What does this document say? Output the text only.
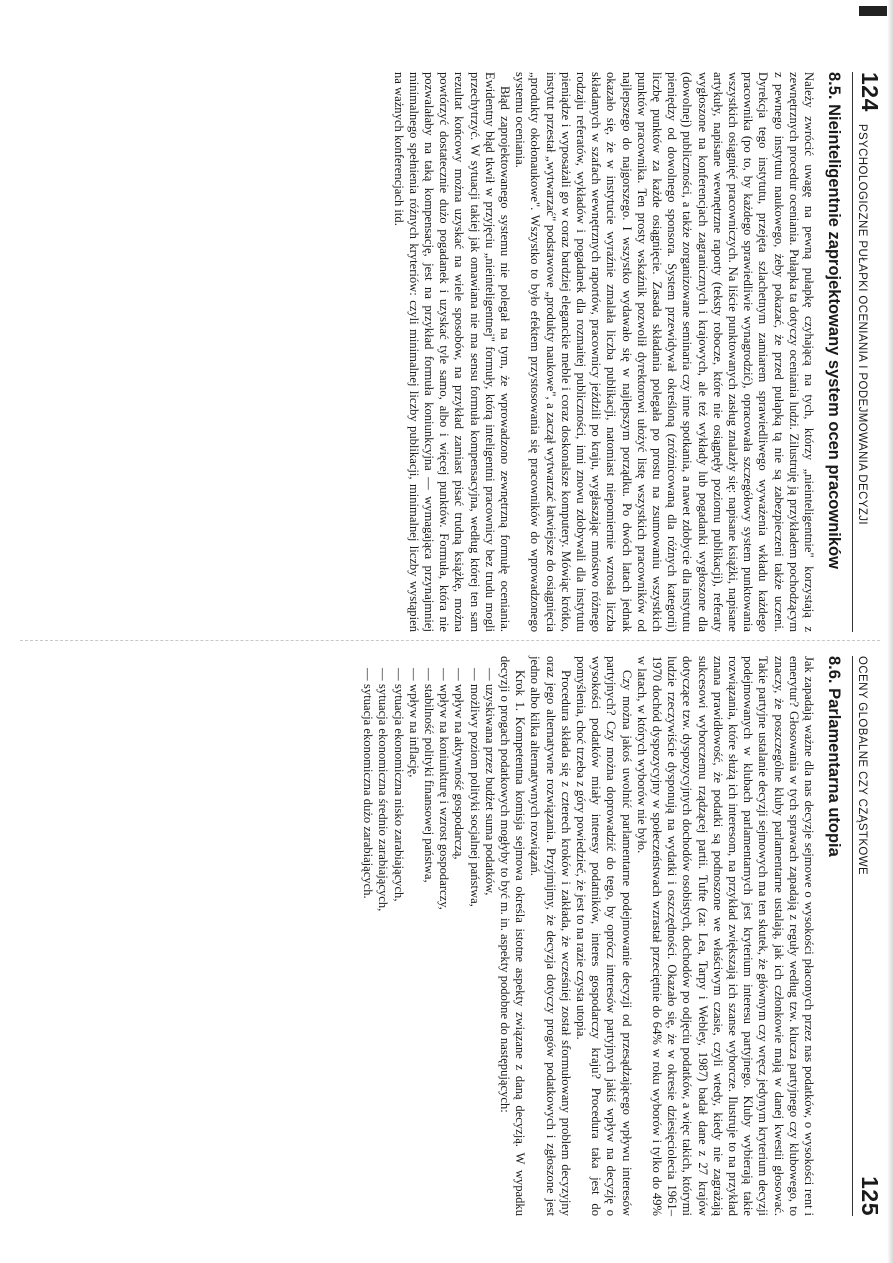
124
PSYCHOLOGICZNE PUŁAPKI OCENIANIA I PODEJMOWANIA DECYZJI
8.5. Nieinteligentnie zaprojektowany system ocen pracowników

Należy zwrócić uwagę na pewną pułapkę czyhającą na tych, którzy „nieinteligentnie" korzystają z zewnętrznych procedur oceniania. Pułapka ta dotyczy oceniania ludzi. Zilustruję ją przykładem pochodzącym z pewnego instytutu naukowego, żeby pokazać, że przed pułapką tą nie są zabezpieczeni także uczeni. Dyrekcja tego instytutu, przejęta szlachetnym zamiarem sprawiedliwego wyważenia wkładu każdego pracownika (po to, by każdego sprawiedliwie wynagrodzić), opracowała szczegółowy system punktowania wszystkich osiągnięć pracowniczych. Na liście punktowanych zasług znalazły się: napisane książki, napisane artykuły, napisane wewnętrzne raporty (teksty robocze, które nie osiągnęły poziomu publikacji), referaty wygłoszone na konferencjach zagranicznych i krajowych, ale też wykłady lub pogadanki wygłoszone dla (dowolnej) publiczności, a także zorganizowane seminaria czy inne spotkania, a nawet zdobycie dla instytutu pieniędzy od dowolnego sponsora. System przewidywał określoną (zróżnicowaną dla różnych kategorii) liczbę punktów za każde osiągnięcie. Zasada składania polegała po prostu na zsumowaniu wszystkich punktów pracownika. Ten prosty wskaźnik pozwolił dyrektorowi ułożyć listę wszystkich pracowników od najlepszego do najgorszego. I wszystko wydawało się w najlepszym porządku. Po dwóch latach jednak okazało się, że w instytucie wyraźnie zmalała liczba publikacji, natomiast niepomiernie wzrosła liczba składanych w szafach wewnętrznych raportów, pracownicy jeździli po kraju, wygłaszając mnóstwo różnego rodzaju referatów, wykładów i pogadanek dla rozmaitej publiczności, inni znowu zdobywali dla instytutu pieniądze i wyposażali go w coraz bardziej eleganckie meble i coraz doskonalsze komputery. Mówiąc krótko, instytut przestał „wytwarzać" podstawowe „produkty naukowe", a zaczął wytwarzać łatwiejsze do osiągnięcia „produkty okołonaukowe". Wszystko to było efektem przystosowania się pracowników do wprowadzonego systemu oceniania.

Błąd zaprojektowanego systemu nie polegał na tym, że wprowadzono zewnętrzną formułę oceniania. Ewidentny błąd tkwił w przyjęciu „nieinteligentnej" formuły, którą inteligentni pracownicy bez trudu mogli przechytrzyć. W sytuacji takiej jak omawiana nie ma sensu formuła kompensacyjna, według której ten sam rezultat końcowy można uzyskać na wiele sposobów, na przykład zamiast pisać trudną książkę, można powtórzyć dostatecznie dużo pogadanek i uzyskać tyle samo, albo i więcej punktów. Formuła, która nie pozwalałaby na taką kompensację, jest na przykład formuła koniunkcyjna — wymagająca przynajmniej minimalnego spełnienia różnych kryteriów: czyli minimalnej liczby publikacji, minimalnej liczby wystąpień na ważnych konferencjach itd.

OCENY GLOBALNE CZY CZĄSTKOWE
125
8.6. Parlamentarna utopia

Jak zapadają ważne dla nas decyzje sejmowe o wysokości płaconych przez nas podatków, o wysokości rent i emerytur? Głosowania w tych sprawach zapadają z reguły według tzw. klucza partyjnego czy klubowego, to znaczy, że poszczególne kluby parlamentarne ustalają, jak ich członkowie mają w danej kwestii głosować. Takie partyjne ustalanie decyzji sejmowych ma ten skutek, że głównym czy wręcz jedynym kryterium decyzji podejmowanych w klubach parlamentarnych jest kryterium interesu partyjnego. Kluby wybierają takie rozwiązania, które służą ich interesom, na przykład zwiększają ich szanse wyborcze. Ilustruje to na przykład znana prawidłowość, że podatki są podnoszone we właściwym czasie, czyli wtedy, kiedy nie zagrażają sukcesowi wyborczemu rządzącej partii. Tufte (za: Lea, Tarpy i Webley, 1987) badał dane z 27 krajów dotyczące tzw. dyspozycyjnych dochodów osobistych, dochodów po odjęciu podatków, a więc takich, którymi ludzie rzeczywiście dysponują na wydatki i oszczędności. Okazało się, że w okresie dziesięciolecia 1961–1970 dochód dyspozycyjny w społeczeństwach wzrastał przeciętnie do 64% w roku wyborów i tylko do 49% w latach, w których wyborów nie było.

Czy można jakoś uwolnić parlamentarne podejmowanie decyzji od przesądzającego wpływu interesów partyjnych? Czy można doprowadzić do tego, by oprócz interesów partyjnych jakiś wpływ na decyzję o wysokości podatków miały interesy podatników, interes gospodarczy kraju? Procedura taka jest do pomyślenia, choć trzeba z góry powiedzieć, że jest to na razie czysta utopia.

Procedura składa się z czterech kroków i zakłada, że wcześniej został sformułowany problem decyzyjny oraz jego alternatywne rozwiązania. Przyjmijmy, że decyzja dotyczy progów podatkowych i zgłoszone jest jedno albo kilka alternatywnych rozwiązań.

Krok 1. Kompetentna komisja sejmowa określa istotne aspekty związane z daną decyzją. W wypadku decyzji o progach podatkowych mogłyby to być m. in. aspekty podobne do następujących:

— uzyskiwana przez budżet suma podatków,
— możliwy poziom polityki socjalnej państwa,
— wpływ na aktywność gospodarczą,
— wpływ na koniunkturę i wzrost gospodarczy,
— stabilność polityki finansowej państwa,
— wpływ na inflację,
— sytuacja ekonomiczna nisko zarabiających,
— sytuacja ekonomiczna średnio zarabiających,
— sytuacja ekonomiczna dużo zarabiających.
